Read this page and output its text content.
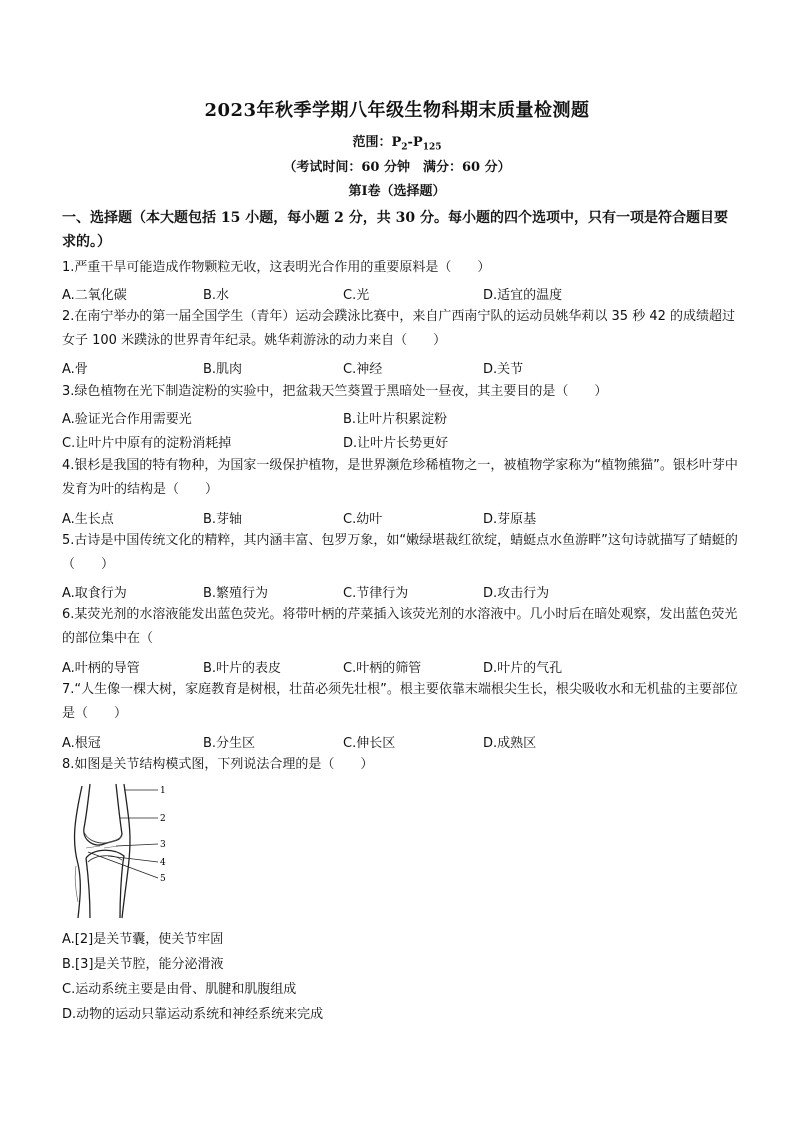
2023年秋季学期八年级生物科期末质量检测题
范围：$P_2-P_{125}$
（考试时间：60 分钟　满分：60 分）
第Ⅰ卷（选择题）
一、选择题（本大题包括 15 小题，每小题 2 分，共 30 分。每小题的四个选项中，只有一项是符合题目要求的。）
1.严重干旱可能造成作物颗粒无收，这表明光合作用的重要原料是（　　）
A.二氧化碳	B.水	C.光	D.适宜的温度
2.在南宁举办的第一届全国学生（青年）运动会蹼泳比赛中，来自广西南宁队的运动员姚华莉以 35 秒 42 的成绩超过女子 100 米蹼泳的世界青年纪录。姚华莉游泳的动力来自（　　）
A.骨	B.肌肉	C.神经	D.关节
3.绿色植物在光下制造淀粉的实验中，把盆栽天竺葵置于黑暗处一昼夜，其主要目的是（　　）
A.验证光合作用需要光	B.让叶片积累淀粉
C.让叶片中原有的淀粉消耗掉	D.让叶片长势更好
4.银杉是我国的特有物种，为国家一级保护植物，是世界濒危珍稀植物之一，被植物学家称为“植物熊猫”。银杉叶芽中发育为叶的结构是（　　）
A.生长点	B.芽轴	C.幼叶	D.芽原基
5.古诗是中国传统文化的精粹，其内涵丰富、包罗万象，如“嫩绿堪裁红欲绽，蜻蜓点水鱼游畔”这句诗就描写了蜻蜓的（　　）
A.取食行为	B.繁殖行为	C.节律行为	D.攻击行为
6.某荧光剂的水溶液能发出蓝色荧光。将带叶柄的芹菜插入该荧光剂的水溶液中。几小时后在暗处观察，发出蓝色荧光的部位集中在（
A.叶柄的导管	B.叶片的表皮	C.叶柄的筛管	D.叶片的气孔
7.“人生像一棵大树，家庭教育是树根，壮苗必须先壮根”。根主要依靠末端根尖生长，根尖吸收水和无机盐的主要部位是（　　）
A.根冠	B.分生区	C.伸长区	D.成熟区
8.如图是关节结构模式图，下列说法合理的是（　　）
1
2
3
4
5
A.[2]是关节囊，使关节牢固
B.[3]是关节腔，能分泌滑液
C.运动系统主要是由骨、肌腱和肌腹组成
D.动物的运动只靠运动系统和神经系统来完成
